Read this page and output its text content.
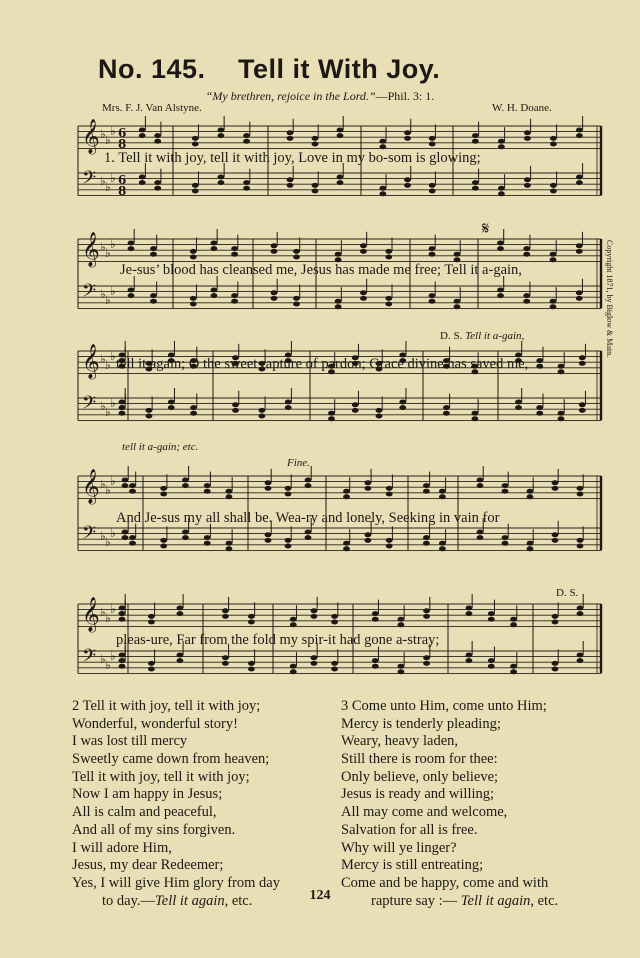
No. 145. Tell it With Joy.
“My brethren, rejoice in the Lord.”—Phil. 3: 1.
Mrs. F. J. Van Alstyne.	W. H. Doane.
Copyright 1871, by Biglow & Main.
𝄞 ♭ ♭
♭ 6
8
𝄢 ♭ ♭
♭ 6
8
1. Tell it with joy, tell it with joy, Love in my bo-som is glowing;
𝄞 ♭ ♭
♭
𝄢 ♭ ♭
♭
Je-sus’ blood has cleansed me, Jesus has made me free; Tell it a-gain,
𝄋
D. S. Tell it a-gain,
𝄞 ♭ ♭
♭
𝄢 ♭ ♭
♭
tell it again; O the sweet rapture of pardon; Grace divine has saved me,
tell it a-gain; etc.
𝄞 ♭ ♭
♭
𝄢 ♭ ♭
♭
And Je-sus my all shall be. Wea-ry and lonely, Seeking in vain for
Fine.
𝄞 ♭ ♭
♭
𝄢 ♭ ♭
♭
pleas-ure, Far from the fold my spir-it had gone a-stray;
D. S.
2 Tell it with joy, tell it with joy;
Wonderful, wonderful story!
I was lost till mercy
Sweetly came down from heaven;
Tell it with joy, tell it with joy;
Now I am happy in Jesus;
All is calm and peaceful,
And all of my sins forgiven.
I will adore Him,
Jesus, my dear Redeemer;
Yes, I will give Him glory from day
to day.—Tell it again, etc.
3 Come unto Him, come unto Him;
Mercy is tenderly pleading;
Weary, heavy laden,
Still there is room for thee:
Only believe, only believe;
Jesus is ready and willing;
All may come and welcome,
Salvation for all is free.
Why will ye linger?
Mercy is still entreating;
Come and be happy, come and with
rapture say :— Tell it again, etc.
124
